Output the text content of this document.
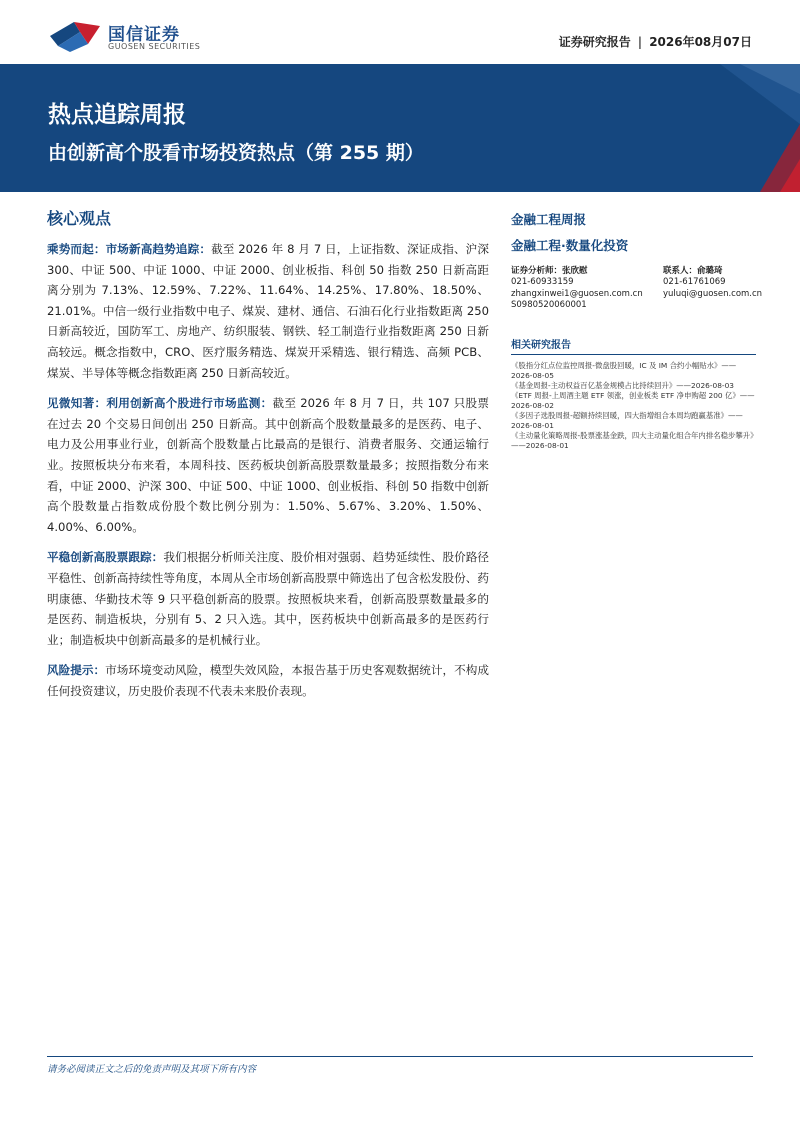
国信证券
GUOSEN SECURITIES	证券研究报告 | 2026年08月07日
热点追踪周报
由创新高个股看市场投资热点（第 255 期）
核心观点

乘势而起：市场新高趋势追踪：截至 2026 年 8 月 7 日，上证指数、深证成指、沪深 300、中证 500、中证 1000、中证 2000、创业板指、科创 50 指数 250 日新高距离分别为 7.13%、12.59%、7.22%、11.64%、14.25%、17.80%、18.50%、21.01%。中信一级行业指数中电子、煤炭、建材、通信、石油石化行业指数距离 250 日新高较近，国防军工、房地产、纺织服装、钢铁、轻工制造行业指数距离 250 日新高较远。概念指数中，CRO、医疗服务精选、煤炭开采精选、银行精选、高频 PCB、煤炭、半导体等概念指数距离 250 日新高较近。

见微知著：利用创新高个股进行市场监测：截至 2026 年 8 月 7 日，共 107 只股票在过去 20 个交易日间创出 250 日新高。其中创新高个股数量最多的是医药、电子、电力及公用事业行业，创新高个股数量占比最高的是银行、消费者服务、交通运输行业。按照板块分布来看，本周科技、医药板块创新高股票数量最多；按照指数分布来看，中证 2000、沪深 300、中证 500、中证 1000、创业板指、科创 50 指数中创新高个股数量占指数成份股个数比例分别为：1.50%、5.67%、3.20%、1.50%、4.00%、6.00%。

平稳创新高股票跟踪：我们根据分析师关注度、股价相对强弱、趋势延续性、股价路径平稳性、创新高持续性等角度，本周从全市场创新高股票中筛选出了包含松发股份、药明康德、华勤技术等 9 只平稳创新高的股票。按照板块来看，创新高股票数量最多的是医药、制造板块，分别有 5、2 只入选。其中，医药板块中创新高最多的是医药行业；制造板块中创新高最多的是机械行业。

风险提示：市场环境变动风险，模型失效风险，本报告基于历史客观数据统计，不构成任何投资建议，历史股价表现不代表未来股价表现。

金融工程周报
金融工程·数量化投资
证券分析师：张欣慰
021-60933159
zhangxinwei1@guosen.com.cn
S0980520060001
联系人：俞璐琦
021-61761069
yuluqi@guosen.com.cn
相关研究报告
《股指分红点位监控周报-微盘股回暖，IC 及 IM 合约小幅贴水》——2026-08-05
《基金周报-主动权益百亿基金规模占比持续回升》——2026-08-03
《ETF 周报-上周酒主题 ETF 领涨，创业板类 ETF 净申购超 200 亿》——2026-08-02
《多因子选股周报-超额持续回暖，四大指增组合本周均跑赢基准》——2026-08-01
《主动量化策略周报-股票涨基金跌，四大主动量化组合年内排名稳步攀升》——2026-08-01
请务必阅读正文之后的免责声明及其项下所有内容
